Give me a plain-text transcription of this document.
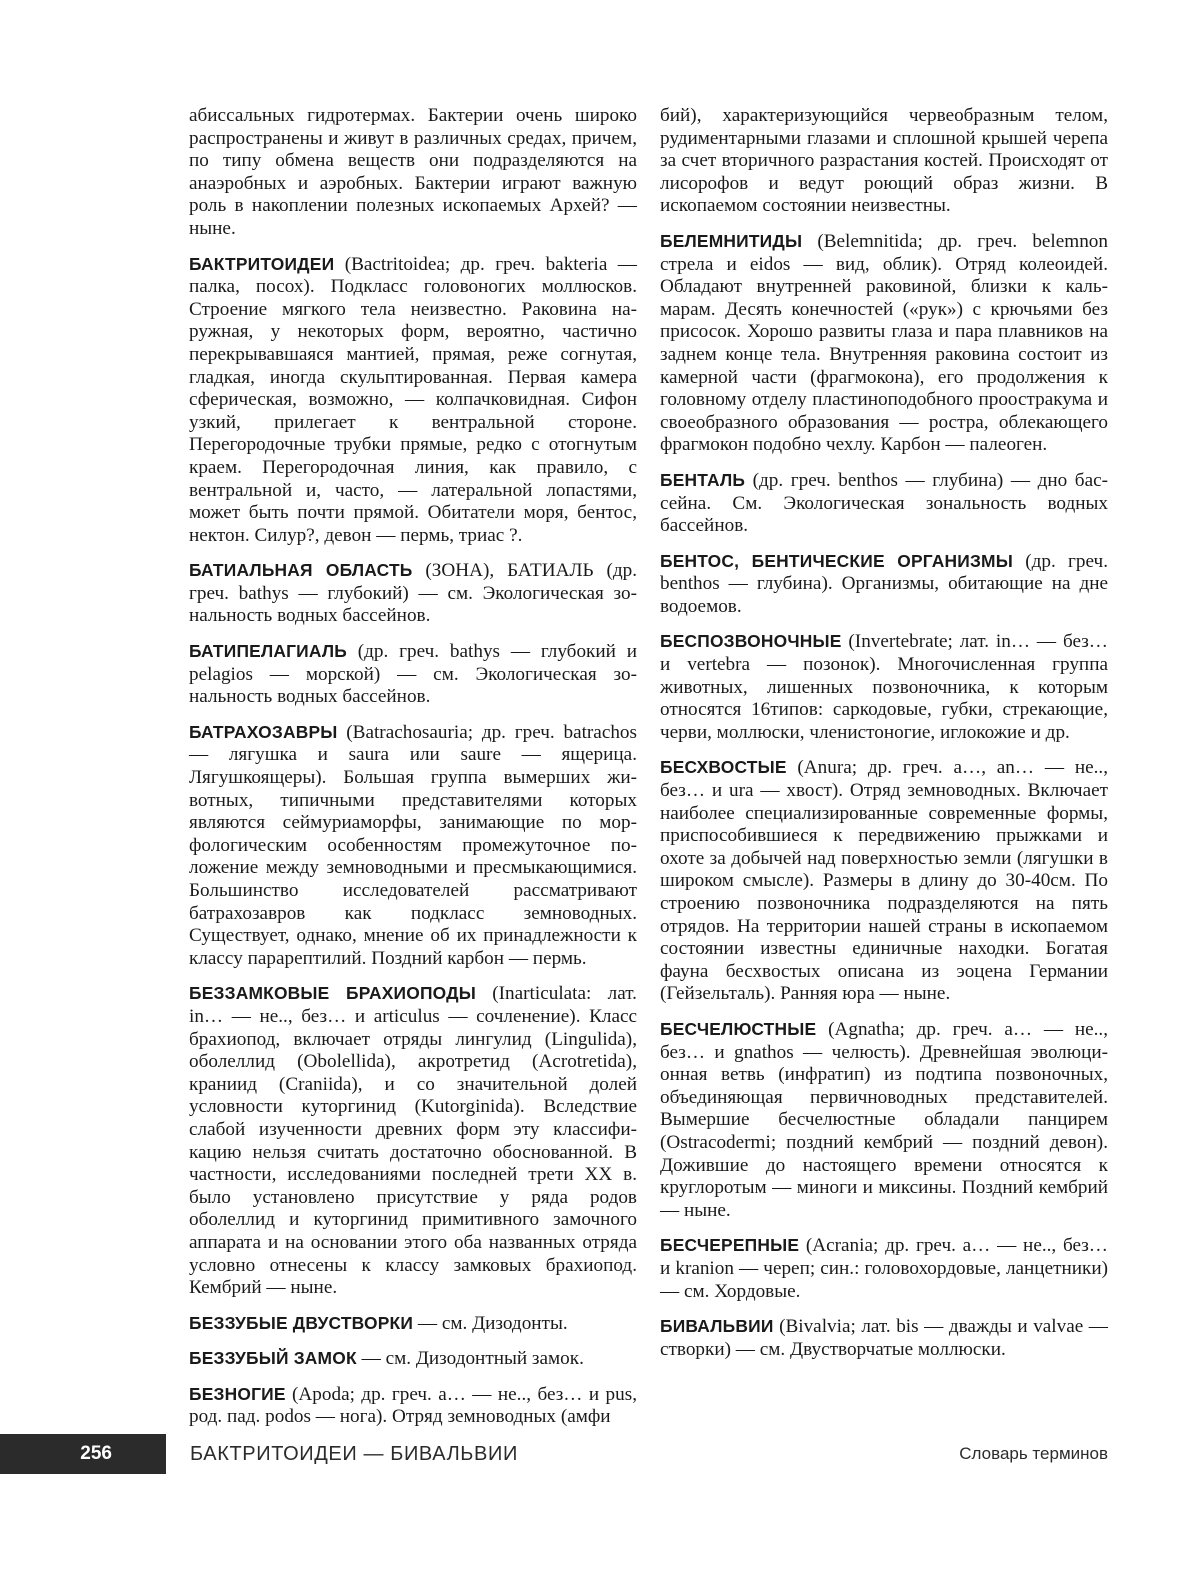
абиссальных гидротермах. Бактерии очень широко распространены и живут в различных средах, причем, по типу обмена веществ они подразделяются на анаэробных и аэробных. Бактерии играют важную роль в накоплении полезных ископаемых Архей? — ныне.

БАКТРИТОИДЕИ (Bactritoidea; др. греч. bakteria — палка, посох). Подкласс головоногих моллюсков. Строение мягкого тела неизвестно. Раковина наружная, у некоторых форм, вероятно, частично перекрывавшаяся мантией, прямая, реже согнутая, гладкая, иногда скульптированная. Первая камера сферическая, возможно, — колпачковидная. Сифон узкий, прилегает к вентральной стороне. Перегородочные трубки прямые, редко с отогнутым краем. Перегородочная линия, как правило, с вентральной и, часто, — латеральной лопастями, может быть почти прямой. Обитатели моря, бентос, нектон. Силур?, девон — пермь, триас ?.

БАТИАЛЬНАЯ ОБЛАСТЬ (ЗОНА), БАТИАЛЬ (др. греч. bathys — глубокий) — см. Экологическая зональность водных бассейнов.

БАТИПЕЛАГИАЛЬ (др. греч. bathys — глубокий и pelagios — морской) — см. Экологическая зональность водных бассейнов.

БАТРАХОЗАВРЫ (Batrachosauria; др. греч. batrachos — лягушка и saura или saure — ящерица. Лягушкоящеры). Большая группа вымерших животных, типичными представителями которых являются сеймуриаморфы, занимающие по морфологическим особенностям промежуточное положение между земноводными и пресмыкающимися. Большинство исследователей рассматривают батрахозавров как подкласс земноводных. Существует, однако, мнение об их принадлежности к классу парарептилий. Поздний карбон — пермь.

БЕЗЗАМКОВЫЕ БРАХИОПОДЫ (Inarticulata: лат. in… — не.., без… и articulus — сочленение). Класс брахиопод, включает отряды лингулид (Lingulida), оболеллид (Obolellida), акротретид (Acrotretida), краниид (Craniida), и со значительной долей условности куторгинид (Kutorginida). Вследствие слабой изученности древних форм эту классификацию нельзя считать достаточно обоснованной. В частности, исследованиями последней трети XX в. было установлено присутствие у ряда родов оболеллид и куторгинид примитивного замочного аппарата и на основании этого оба названных отряда условно отнесены к классу замковых брахиопод. Кембрий — ныне.

БЕЗЗУБЫЕ ДВУСТВОРКИ — см. Дизодонты.

БЕЗЗУБЫЙ ЗАМОК — см. Дизодонтный замок.

БЕЗНОГИЕ (Apoda; др. греч. a… — не.., без… и pus, род. пад. podos — нога). Отряд земноводных (амфи

бий), характеризующийся червеобразным телом, рудиментарными глазами и сплошной крышей черепа за счет вторичного разрастания костей. Происходят от лисорофов и ведут роющий образ жизни. В ископаемом состоянии неизвестны.

БЕЛЕМНИТИДЫ (Belemnitida; др. греч. belemnon стрела и eidos — вид, облик). Отряд колеоидей. Обладают внутренней раковиной, близки к кальмарам. Десять конечностей («рук») с крючьями без присосок. Хорошо развиты глаза и пара плавников на заднем конце тела. Внутренняя раковина состоит из камерной части (фрагмокона), его продолжения к головному отделу пластиноподобного проостракума и своеобразного образования — ростра, облекающего фрагмокон подобно чехлу. Карбон — палеоген.

БЕНТАЛЬ (др. греч. benthos — глубина) — дно бассейна. См. Экологическая зональность водных бассейнов.

БЕНТОС, БЕНТИЧЕСКИЕ ОРГАНИЗМЫ (др. греч. benthos — глубина). Организмы, обитающие на дне водоемов.

БЕСПОЗВОНОЧНЫЕ (Invertebrate; лат. in… — без… и vertebra — позонок). Многочисленная группа животных, лишенных позвоночника, к которым относятся 16типов: саркодовые, губки, стрекающие, черви, моллюски, членистоногие, иглокожие и др.

БЕСХВОСТЫЕ (Anura; др. греч. a…, an… — не.., без… и ura — хвост). Отряд земноводных. Включает наиболее специализированные современные формы, приспособившиеся к передвижению прыжками и охоте за добычей над поверхностью земли (лягушки в широком смысле). Размеры в длину до 30-40см. По строению позвоночника подразделяются на пять отрядов. На территории нашей страны в ископаемом состоянии известны единичные находки. Богатая фауна бесхвостых описана из эоцена Германии (Гейзельталь). Ранняя юра — ныне.

БЕСЧЕЛЮСТНЫЕ (Agnatha; др. греч. a… — не.., без… и gnathos — челюсть). Древнейшая эволюционная ветвь (инфратип) из подтипа позвоночных, объединяющая первичноводных представителей. Вымершие бесчелюстные обладали панцирем (Ostracodermi; поздний кембрий — поздний девон). Дожившие до настоящего времени относятся к круглоротым — миноги и миксины. Поздний кембрий — ныне.

БЕСЧЕРЕПНЫЕ (Acrania; др. греч. a… — не.., без… и kranion — череп; син.: головохордовые, ланцетники) — см. Хордовые.

БИВАЛЬВИИ (Bivalvia; лат. bis — дважды и valvae — створки) — см. Двустворчатые моллюски.

256	БАКТРИТОИДЕИ — БИВАЛЬВИИ	Словарь терминов
